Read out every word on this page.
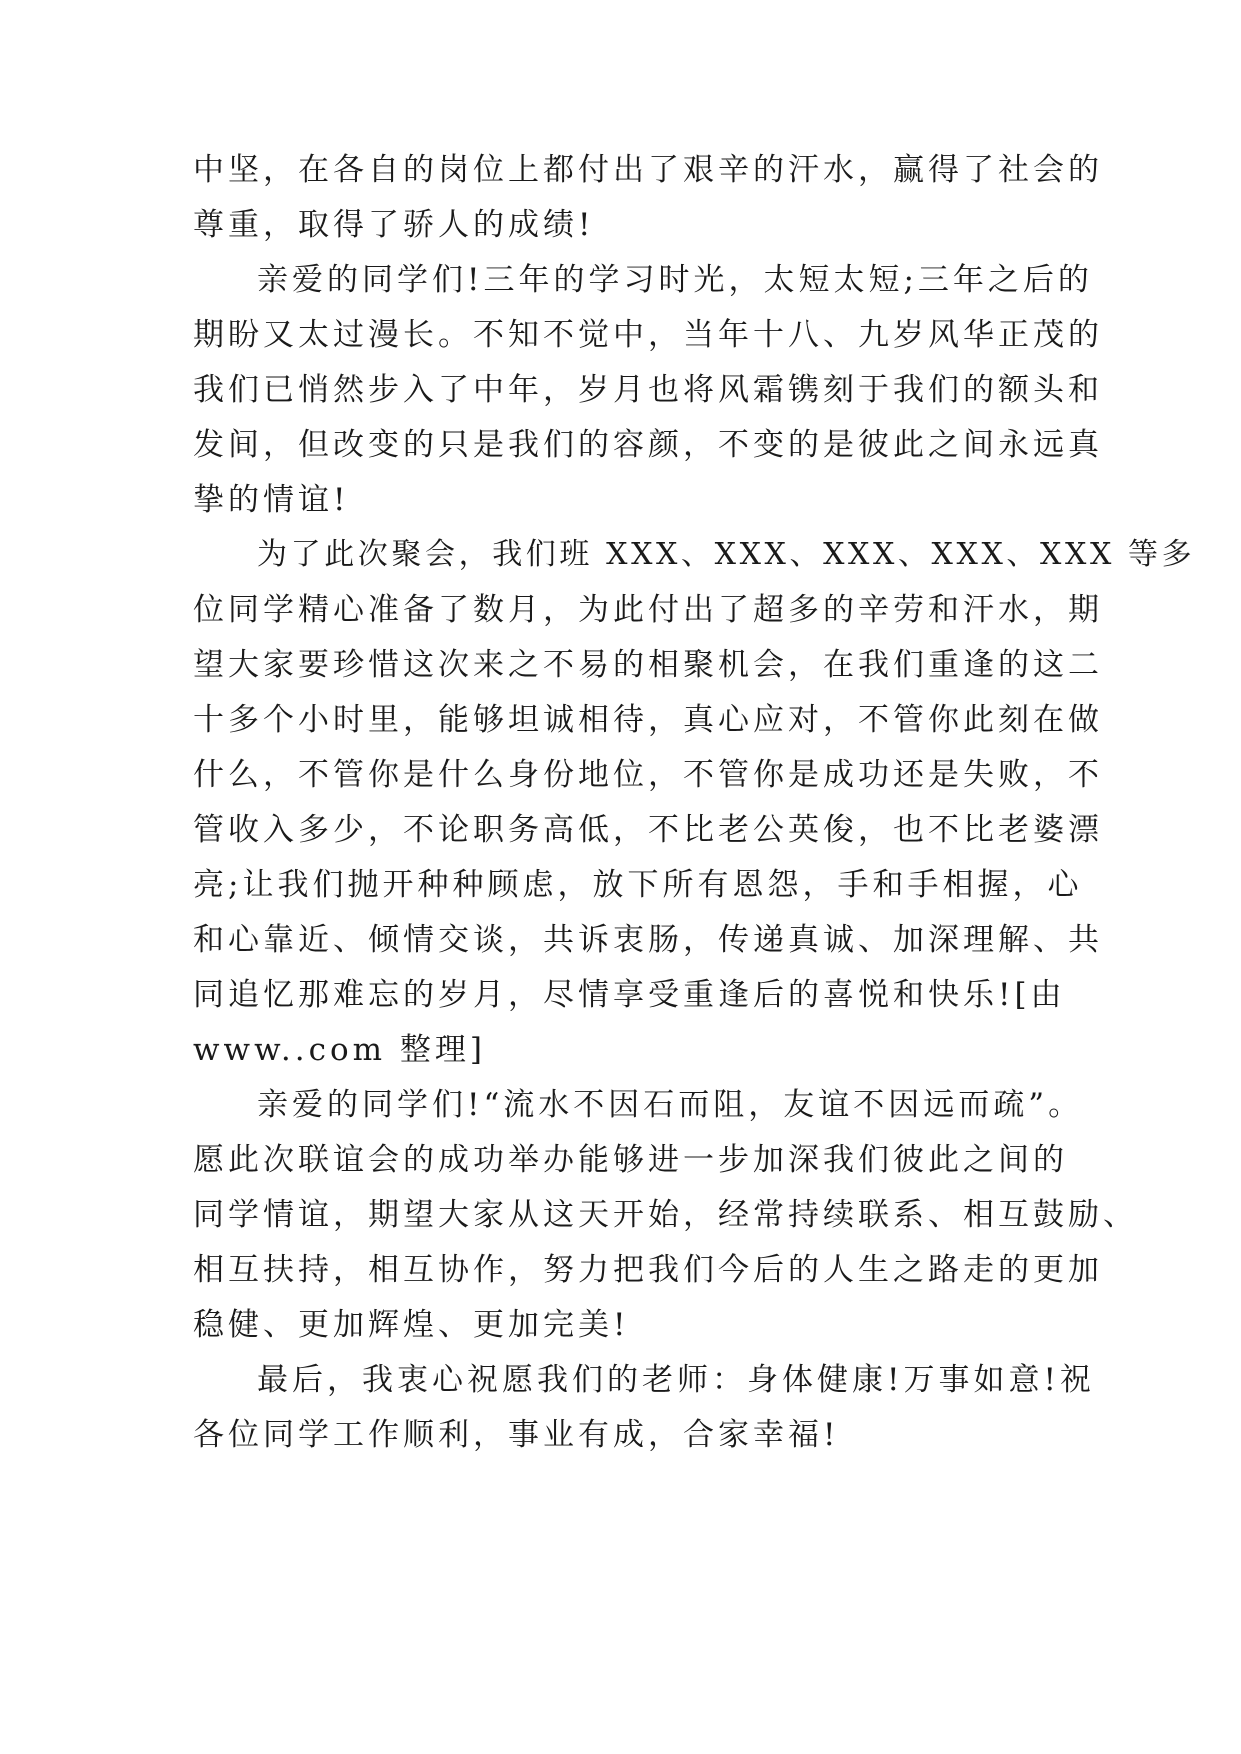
中坚，在各自的岗位上都付出了艰辛的汗水，赢得了社会的
尊重，取得了骄人的成绩!
亲爱的同学们!三年的学习时光，太短太短;三年之后的
期盼又太过漫长。不知不觉中，当年十八、九岁风华正茂的
我们已悄然步入了中年，岁月也将风霜镌刻于我们的额头和
发间，但改变的只是我们的容颜，不变的是彼此之间永远真
挚的情谊!
为了此次聚会，我们班 XXX、XXX、XXX、XXX、XXX 等多
位同学精心准备了数月，为此付出了超多的辛劳和汗水，期
望大家要珍惜这次来之不易的相聚机会，在我们重逢的这二
十多个小时里，能够坦诚相待，真心应对，不管你此刻在做
什么，不管你是什么身份地位，不管你是成功还是失败，不
管收入多少，不论职务高低，不比老公英俊，也不比老婆漂
亮;让我们抛开种种顾虑，放下所有恩怨，手和手相握，心
和心靠近、倾情交谈，共诉衷肠，传递真诚、加深理解、共
同追忆那难忘的岁月，尽情享受重逢后的喜悦和快乐![由
www..com 整理]
亲爱的同学们!“流水不因石而阻，友谊不因远而疏”。
愿此次联谊会的成功举办能够进一步加深我们彼此之间的
同学情谊，期望大家从这天开始，经常持续联系、相互鼓励、
相互扶持，相互协作，努力把我们今后的人生之路走的更加
稳健、更加辉煌、更加完美!
最后，我衷心祝愿我们的老师：身体健康!万事如意!祝
各位同学工作顺利，事业有成，合家幸福!
